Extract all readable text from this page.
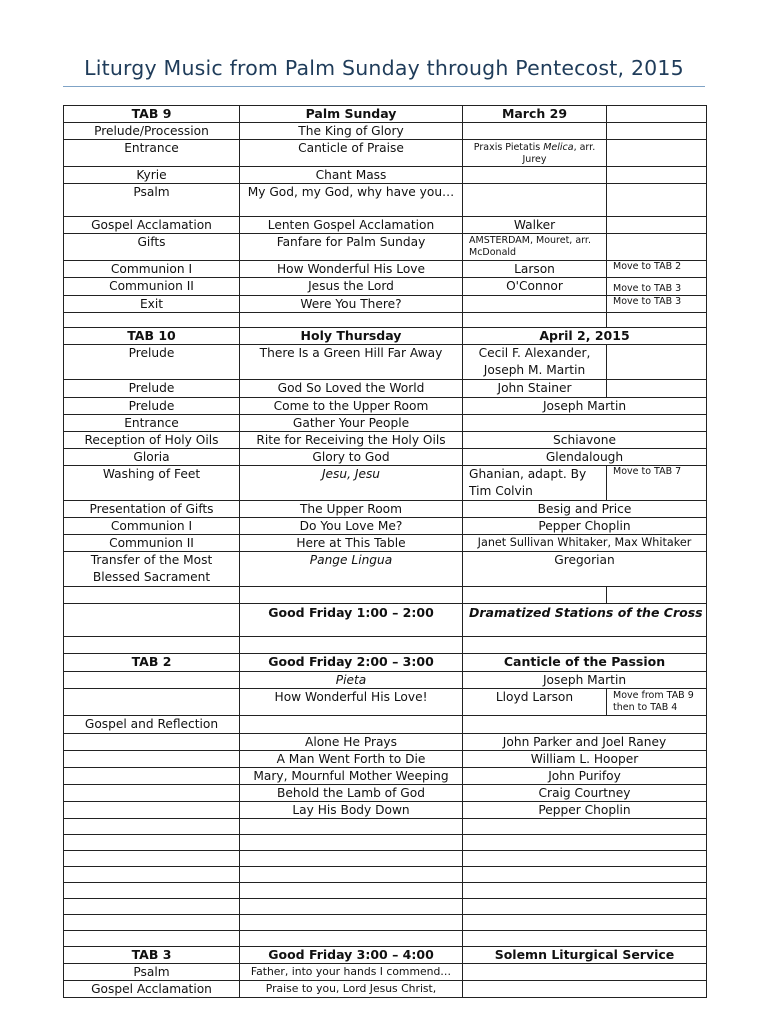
Liturgy Music from Palm Sunday through Pentecost, 2015
TAB 9	Palm Sunday	March 29	
Prelude/Procession	The King of Glory		
Entrance	Canticle of Praise	Praxis Pietatis Melica, arr. Jurey	
Kyrie	Chant Mass		
Psalm	My God, my God, why have you…		
Gospel Acclamation	Lenten Gospel Acclamation	Walker	
Gifts	Fanfare for Palm Sunday	AMSTERDAM, Mouret, arr. McDonald	
Communion I	How Wonderful His Love	Larson	Move to TAB 2
Communion II	Jesus the Lord	O'Connor	Move to TAB 3
Exit	Were You There?		Move to TAB 3

TAB 10	Holy Thursday	April 2, 2015	
Prelude	There Is a Green Hill Far Away	Cecil F. Alexander, Joseph M. Martin	
Prelude	God So Loved the World	John Stainer	
Prelude	Come to the Upper Room	Joseph Martin	
Entrance	Gather Your People		
Reception of Holy Oils	Rite for Receiving the Holy Oils	Schiavone	
Gloria	Glory to God	Glendalough	
Washing of Feet	Jesu, Jesu	Ghanian, adapt. By Tim Colvin	Move to TAB 7
Presentation of Gifts	The Upper Room	Besig and Price	
Communion I	Do You Love Me?	Pepper Choplin	
Communion II	Here at This Table	Janet Sullivan Whitaker, Max Whitaker	
Transfer of the Most Blessed Sacrament	Pange Lingua	Gregorian	

	Good Friday 1:00 – 2:00	Dramatized Stations of the Cross	

TAB 2	Good Friday 2:00 – 3:00	Canticle of the Passion	
	Pieta	Joseph Martin	
	How Wonderful His Love!	Lloyd Larson	Move from TAB 9 then to TAB 4
Gospel and Reflection			
	Alone He Prays	John Parker and Joel Raney	
	A Man Went Forth to Die	William L. Hooper	
	Mary, Mournful Mother Weeping	John Purifoy	
	Behold the Lamb of God	Craig Courtney	
	Lay His Body Down	Pepper Choplin	

TAB 3	Good Friday 3:00 – 4:00	Solemn Liturgical Service	
Psalm	Father, into your hands I commend…		
Gospel Acclamation	Praise to you, Lord Jesus Christ,		
